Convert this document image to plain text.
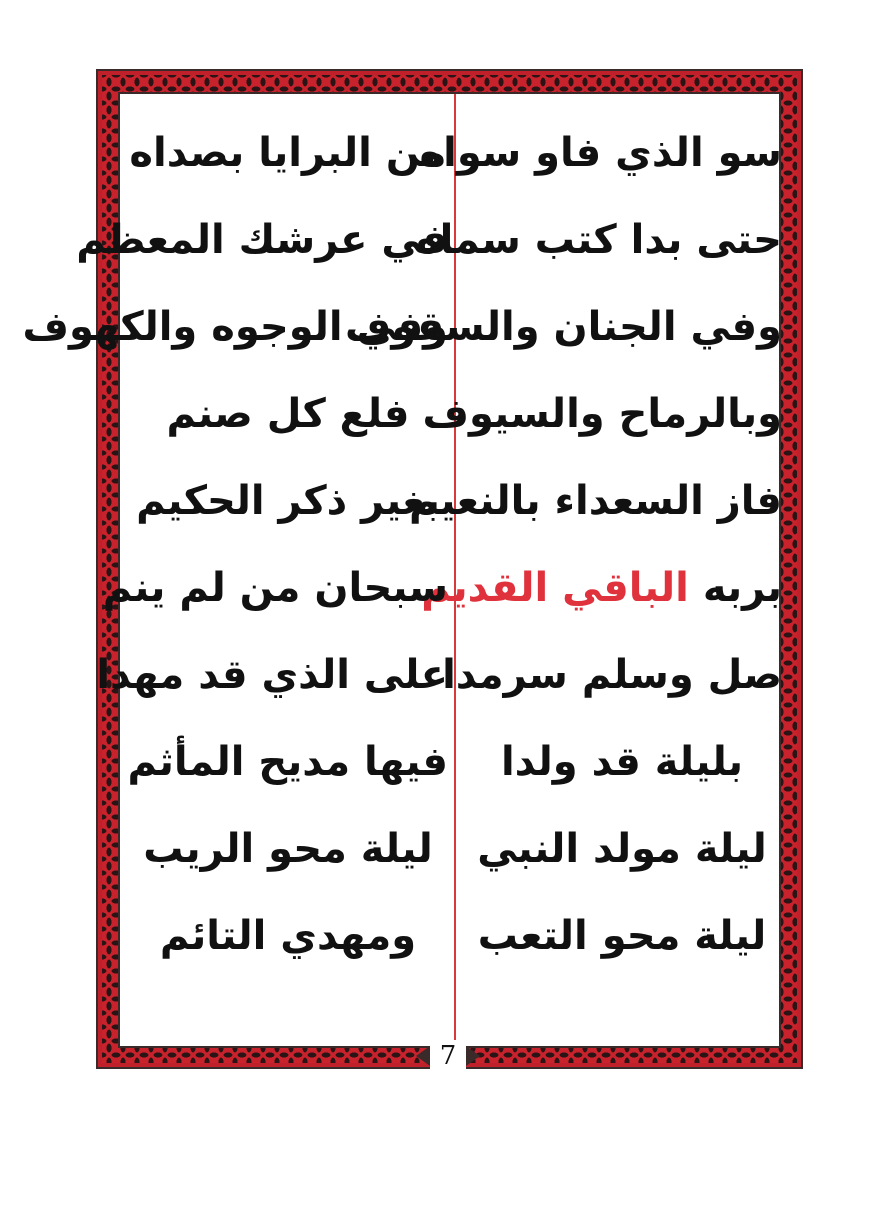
سو الذي فاو سواه
حتى بدا كتب سماه
وفي الجنان والسقوف
وبالرماح والسيوف
فاز السعداء بالنعيم
بربه الباقي القديم
صل وسلم سرمدا
بليلة قد ولدا
ليلة مولد النبي
ليلة محو التعب
من البرايا بصداه
في عرشك المعظم
وفي الوجوه والكهوف
فلع كل صنم
بغير ذكر الحكيم
سبحان من لم ينم
على الذي قد مهدا
فيها مديح المأثم
ليلة محو الريب
ومهدي التائم
7
